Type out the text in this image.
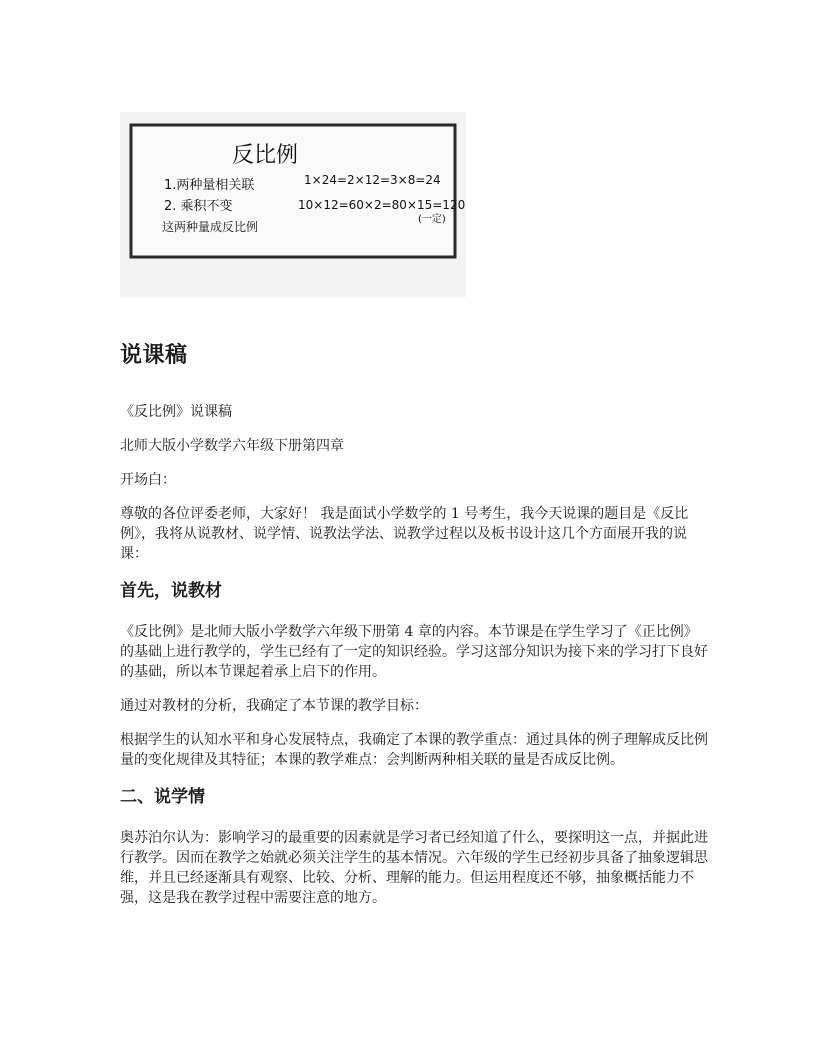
反比例
1.两种量相关联
2. 乘积不变
这两种量成反比例
1×24=2×12=3×8=24
10×12=60×2=80×15=120
(一定)
说课稿
《反比例》说课稿
北师大版小学数学六年级下册第四章
开场白：
尊敬的各位评委老师，大家好！ 我是面试小学数学的 1 号考生，我今天说课的题目是《反比例》，我将从说教材、说学情、说教法学法、说教学过程以及板书设计这几个方面展开我的说课：
首先，说教材
《反比例》是北师大版小学数学六年级下册第 4 章的内容。本节课是在学生学习了《正比例》的基础上进行教学的，学生已经有了一定的知识经验。学习这部分知识为接下来的学习打下良好的基础，所以本节课起着承上启下的作用。
通过对教材的分析，我确定了本节课的教学目标：
根据学生的认知水平和身心发展特点，我确定了本课的教学重点：通过具体的例子理解成反比例量的变化规律及其特征；本课的教学难点：会判断两种相关联的量是否成反比例。
二、说学情
奥苏泊尔认为：影响学习的最重要的因素就是学习者已经知道了什么，要探明这一点，并据此进行教学。因而在教学之始就必须关注学生的基本情况。六年级的学生已经初步具备了抽象逻辑思维，并且已经逐渐具有观察、比较、分析、理解的能力。但运用程度还不够，抽象概括能力不强，这是我在教学过程中需要注意的地方。
